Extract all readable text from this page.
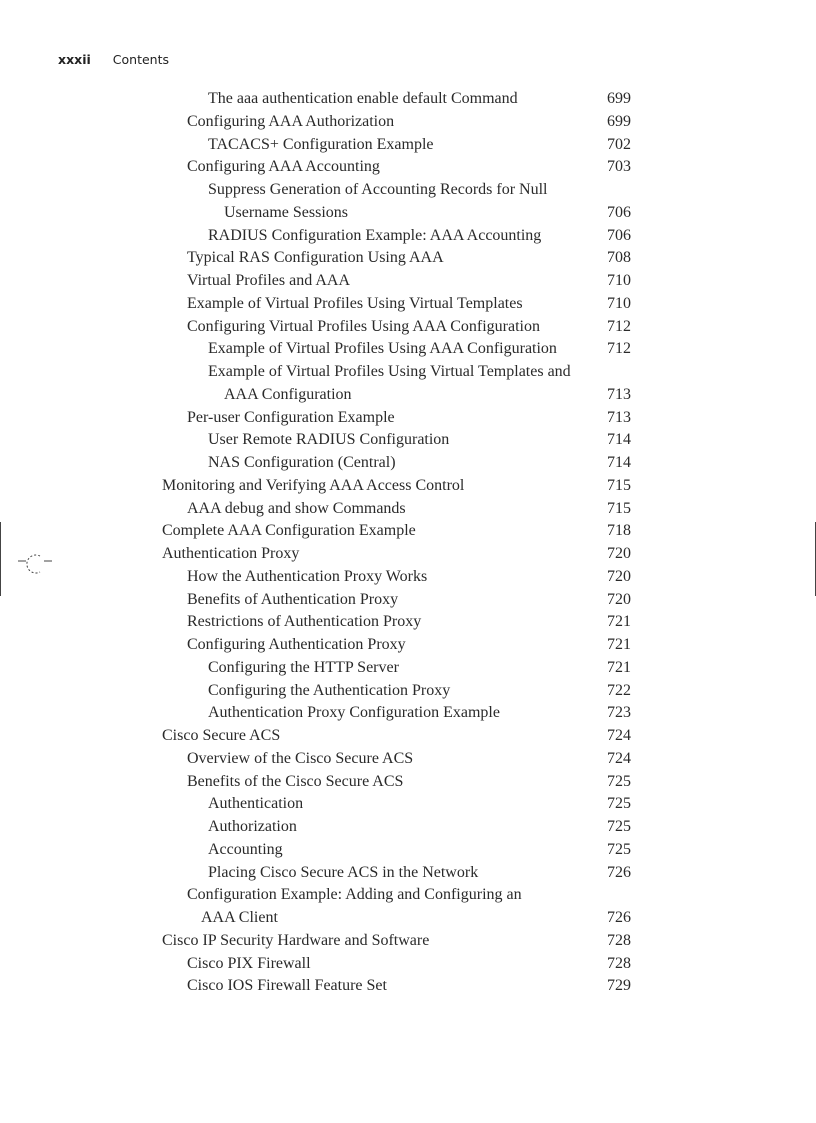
xxxii Contents
The aaa authentication enable default Command	699
Configuring AAA Authorization	699
TACACS+ Configuration Example	702
Configuring AAA Accounting	703
Suppress Generation of Accounting Records for Null
Username Sessions	706
RADIUS Configuration Example: AAA Accounting	706
Typical RAS Configuration Using AAA	708
Virtual Profiles and AAA	710
Example of Virtual Profiles Using Virtual Templates	710
Configuring Virtual Profiles Using AAA Configuration	712
Example of Virtual Profiles Using AAA Configuration	712
Example of Virtual Profiles Using Virtual Templates and
AAA Configuration	713
Per-user Configuration Example	713
User Remote RADIUS Configuration	714
NAS Configuration (Central)	714
Monitoring and Verifying AAA Access Control	715
AAA debug and show Commands	715
Complete AAA Configuration Example	718
Authentication Proxy	720
How the Authentication Proxy Works	720
Benefits of Authentication Proxy	720
Restrictions of Authentication Proxy	721
Configuring Authentication Proxy	721
Configuring the HTTP Server	721
Configuring the Authentication Proxy	722
Authentication Proxy Configuration Example	723
Cisco Secure ACS	724
Overview of the Cisco Secure ACS	724
Benefits of the Cisco Secure ACS	725
Authentication	725
Authorization	725
Accounting	725
Placing Cisco Secure ACS in the Network	726
Configuration Example: Adding and Configuring an
AAA Client	726
Cisco IP Security Hardware and Software	728
Cisco PIX Firewall	728
Cisco IOS Firewall Feature Set	729
